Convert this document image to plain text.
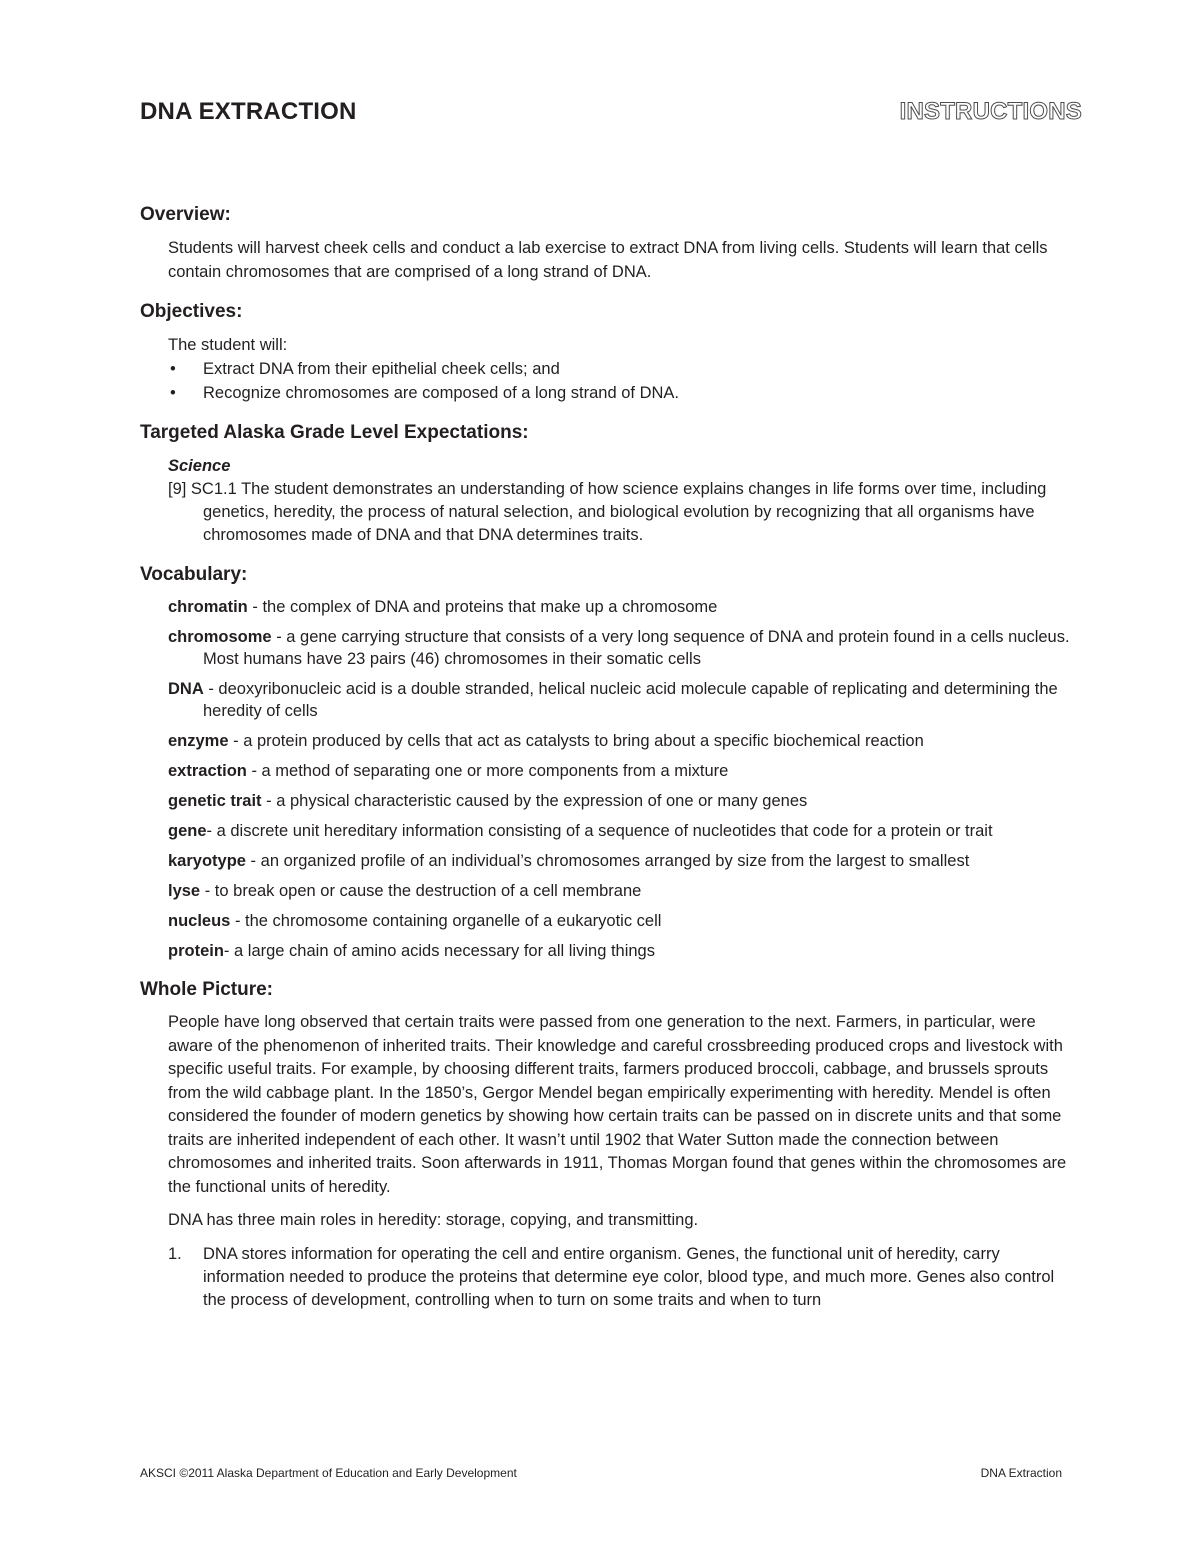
DNA EXTRACTION	INSTRUCTIONS
Overview:

Students will harvest cheek cells and conduct a lab exercise to extract DNA from living cells. Students will learn that cells contain chromosomes that are comprised of a long strand of DNA.

Objectives:

The student will:

• Extract DNA from their epithelial cheek cells; and
• Recognize chromosomes are composed of a long strand of DNA.
Targeted Alaska Grade Level Expectations:
Science

[9] SC1.1 The student demonstrates an understanding of how science explains changes in life forms over time, including genetics, heredity, the process of natural selection, and biological evolution by recognizing that all organisms have chromosomes made of DNA and that DNA determines traits.

Vocabulary:
chromatin - the complex of DNA and proteins that make up a chromosome
chromosome - a gene carrying structure that consists of a very long sequence of DNA and protein found in a cells nucleus. Most humans have 23 pairs (46) chromosomes in their somatic cells
DNA - deoxyribonucleic acid is a double stranded, helical nucleic acid molecule capable of replicating and determining the heredity of cells
enzyme - a protein produced by cells that act as catalysts to bring about a specific biochemical reaction
extraction - a method of separating one or more components from a mixture
genetic trait - a physical characteristic caused by the expression of one or many genes
gene- a discrete unit hereditary information consisting of a sequence of nucleotides that code for a protein or trait
karyotype - an organized profile of an individual’s chromosomes arranged by size from the largest to smallest
lyse - to break open or cause the destruction of a cell membrane
nucleus - the chromosome containing organelle of a eukaryotic cell
protein- a large chain of amino acids necessary for all living things
Whole Picture:

People have long observed that certain traits were passed from one generation to the next. Farmers, in particular, were aware of the phenomenon of inherited traits. Their knowledge and careful crossbreeding produced crops and livestock with specific useful traits. For example, by choosing different traits, farmers produced broccoli, cabbage, and brussels sprouts from the wild cabbage plant. In the 1850’s, Gergor Mendel began empirically experimenting with heredity. Mendel is often considered the founder of modern genetics by showing how certain traits can be passed on in discrete units and that some traits are inherited independent of each other. It wasn’t until 1902 that Water Sutton made the connection between chromosomes and inherited traits. Soon afterwards in 1911, Thomas Morgan found that genes within the chromosomes are the functional units of heredity.

DNA has three main roles in heredity: storage, copying, and transmitting.

1. DNA stores information for operating the cell and entire organism. Genes, the functional unit of heredity, carry information needed to produce the proteins that determine eye color, blood type, and much more. Genes also control the process of development, controlling when to turn on some traits and when to turn
AKSCI ©2011 Alaska Department of Education and Early Development	DNA Extraction
